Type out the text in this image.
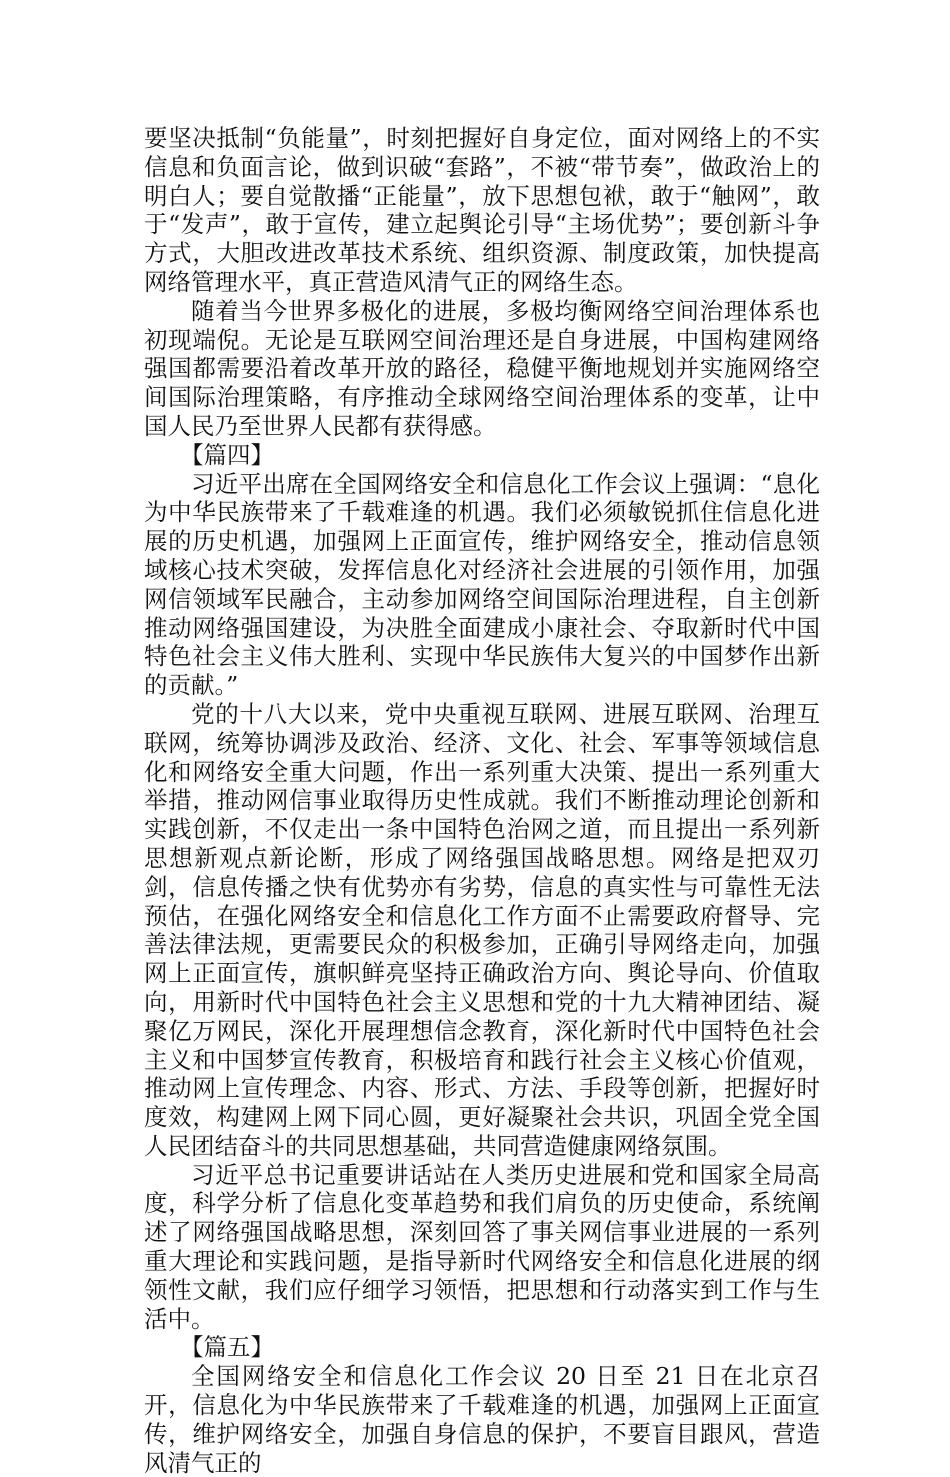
要坚决抵制“负能量”，时刻把握好自身定位，面对网络上的不实信息和负面言论，做到识破“套路”，不被“带节奏”，做政治上的明白人；要自觉散播“正能量”，放下思想包袱，敢于“触网”，敢于“发声”，敢于宣传，建立起舆论引导“主场优势”；要创新斗争方式，大胆改进改革技术系统、组织资源、制度政策，加快提高网络管理水平，真正营造风清气正的网络生态。

随着当今世界多极化的进展，多极均衡网络空间治理体系也初现端倪。无论是互联网空间治理还是自身进展，中国构建网络强国都需要沿着改革开放的路径，稳健平衡地规划并实施网络空间国际治理策略，有序推动全球网络空间治理体系的变革，让中国人民乃至世界人民都有获得感。

【篇四】

习近平出席在全国网络安全和信息化工作会议上强调：“息化为中华民族带来了千载难逢的机遇。我们必须敏锐抓住信息化进展的历史机遇，加强网上正面宣传，维护网络安全，推动信息领域核心技术突破，发挥信息化对经济社会进展的引领作用，加强网信领域军民融合，主动参加网络空间国际治理进程，自主创新推动网络强国建设，为决胜全面建成小康社会、夺取新时代中国特色社会主义伟大胜利、实现中华民族伟大复兴的中国梦作出新的贡献。”

党的十八大以来，党中央重视互联网、进展互联网、治理互联网，统筹协调涉及政治、经济、文化、社会、军事等领域信息化和网络安全重大问题，作出一系列重大决策、提出一系列重大举措，推动网信事业取得历史性成就。我们不断推动理论创新和实践创新，不仅走出一条中国特色治网之道，而且提出一系列新思想新观点新论断，形成了网络强国战略思想。网络是把双刃剑，信息传播之快有优势亦有劣势，信息的真实性与可靠性无法预估，在强化网络安全和信息化工作方面不止需要政府督导、完善法律法规，更需要民众的积极参加，正确引导网络走向，加强网上正面宣传，旗帜鲜亮坚持正确政治方向、舆论导向、价值取向，用新时代中国特色社会主义思想和党的十九大精神团结、凝聚亿万网民，深化开展理想信念教育，深化新时代中国特色社会主义和中国梦宣传教育，积极培育和践行社会主义核心价值观，推动网上宣传理念、内容、形式、方法、手段等创新，把握好时度效，构建网上网下同心圆，更好凝聚社会共识，巩固全党全国人民团结奋斗的共同思想基础，共同营造健康网络氛围。

习近平总书记重要讲话站在人类历史进展和党和国家全局高度，科学分析了信息化变革趋势和我们肩负的历史使命，系统阐述了网络强国战略思想，深刻回答了事关网信事业进展的一系列重大理论和实践问题，是指导新时代网络安全和信息化进展的纲领性文献，我们应仔细学习领悟，把思想和行动落实到工作与生活中。

【篇五】

全国网络安全和信息化工作会议 20 日至 21 日在北京召开，信息化为中华民族带来了千载难逢的机遇，加强网上正面宣传，维护网络安全，加强自身信息的保护，不要盲目跟风，营造风清气正的
